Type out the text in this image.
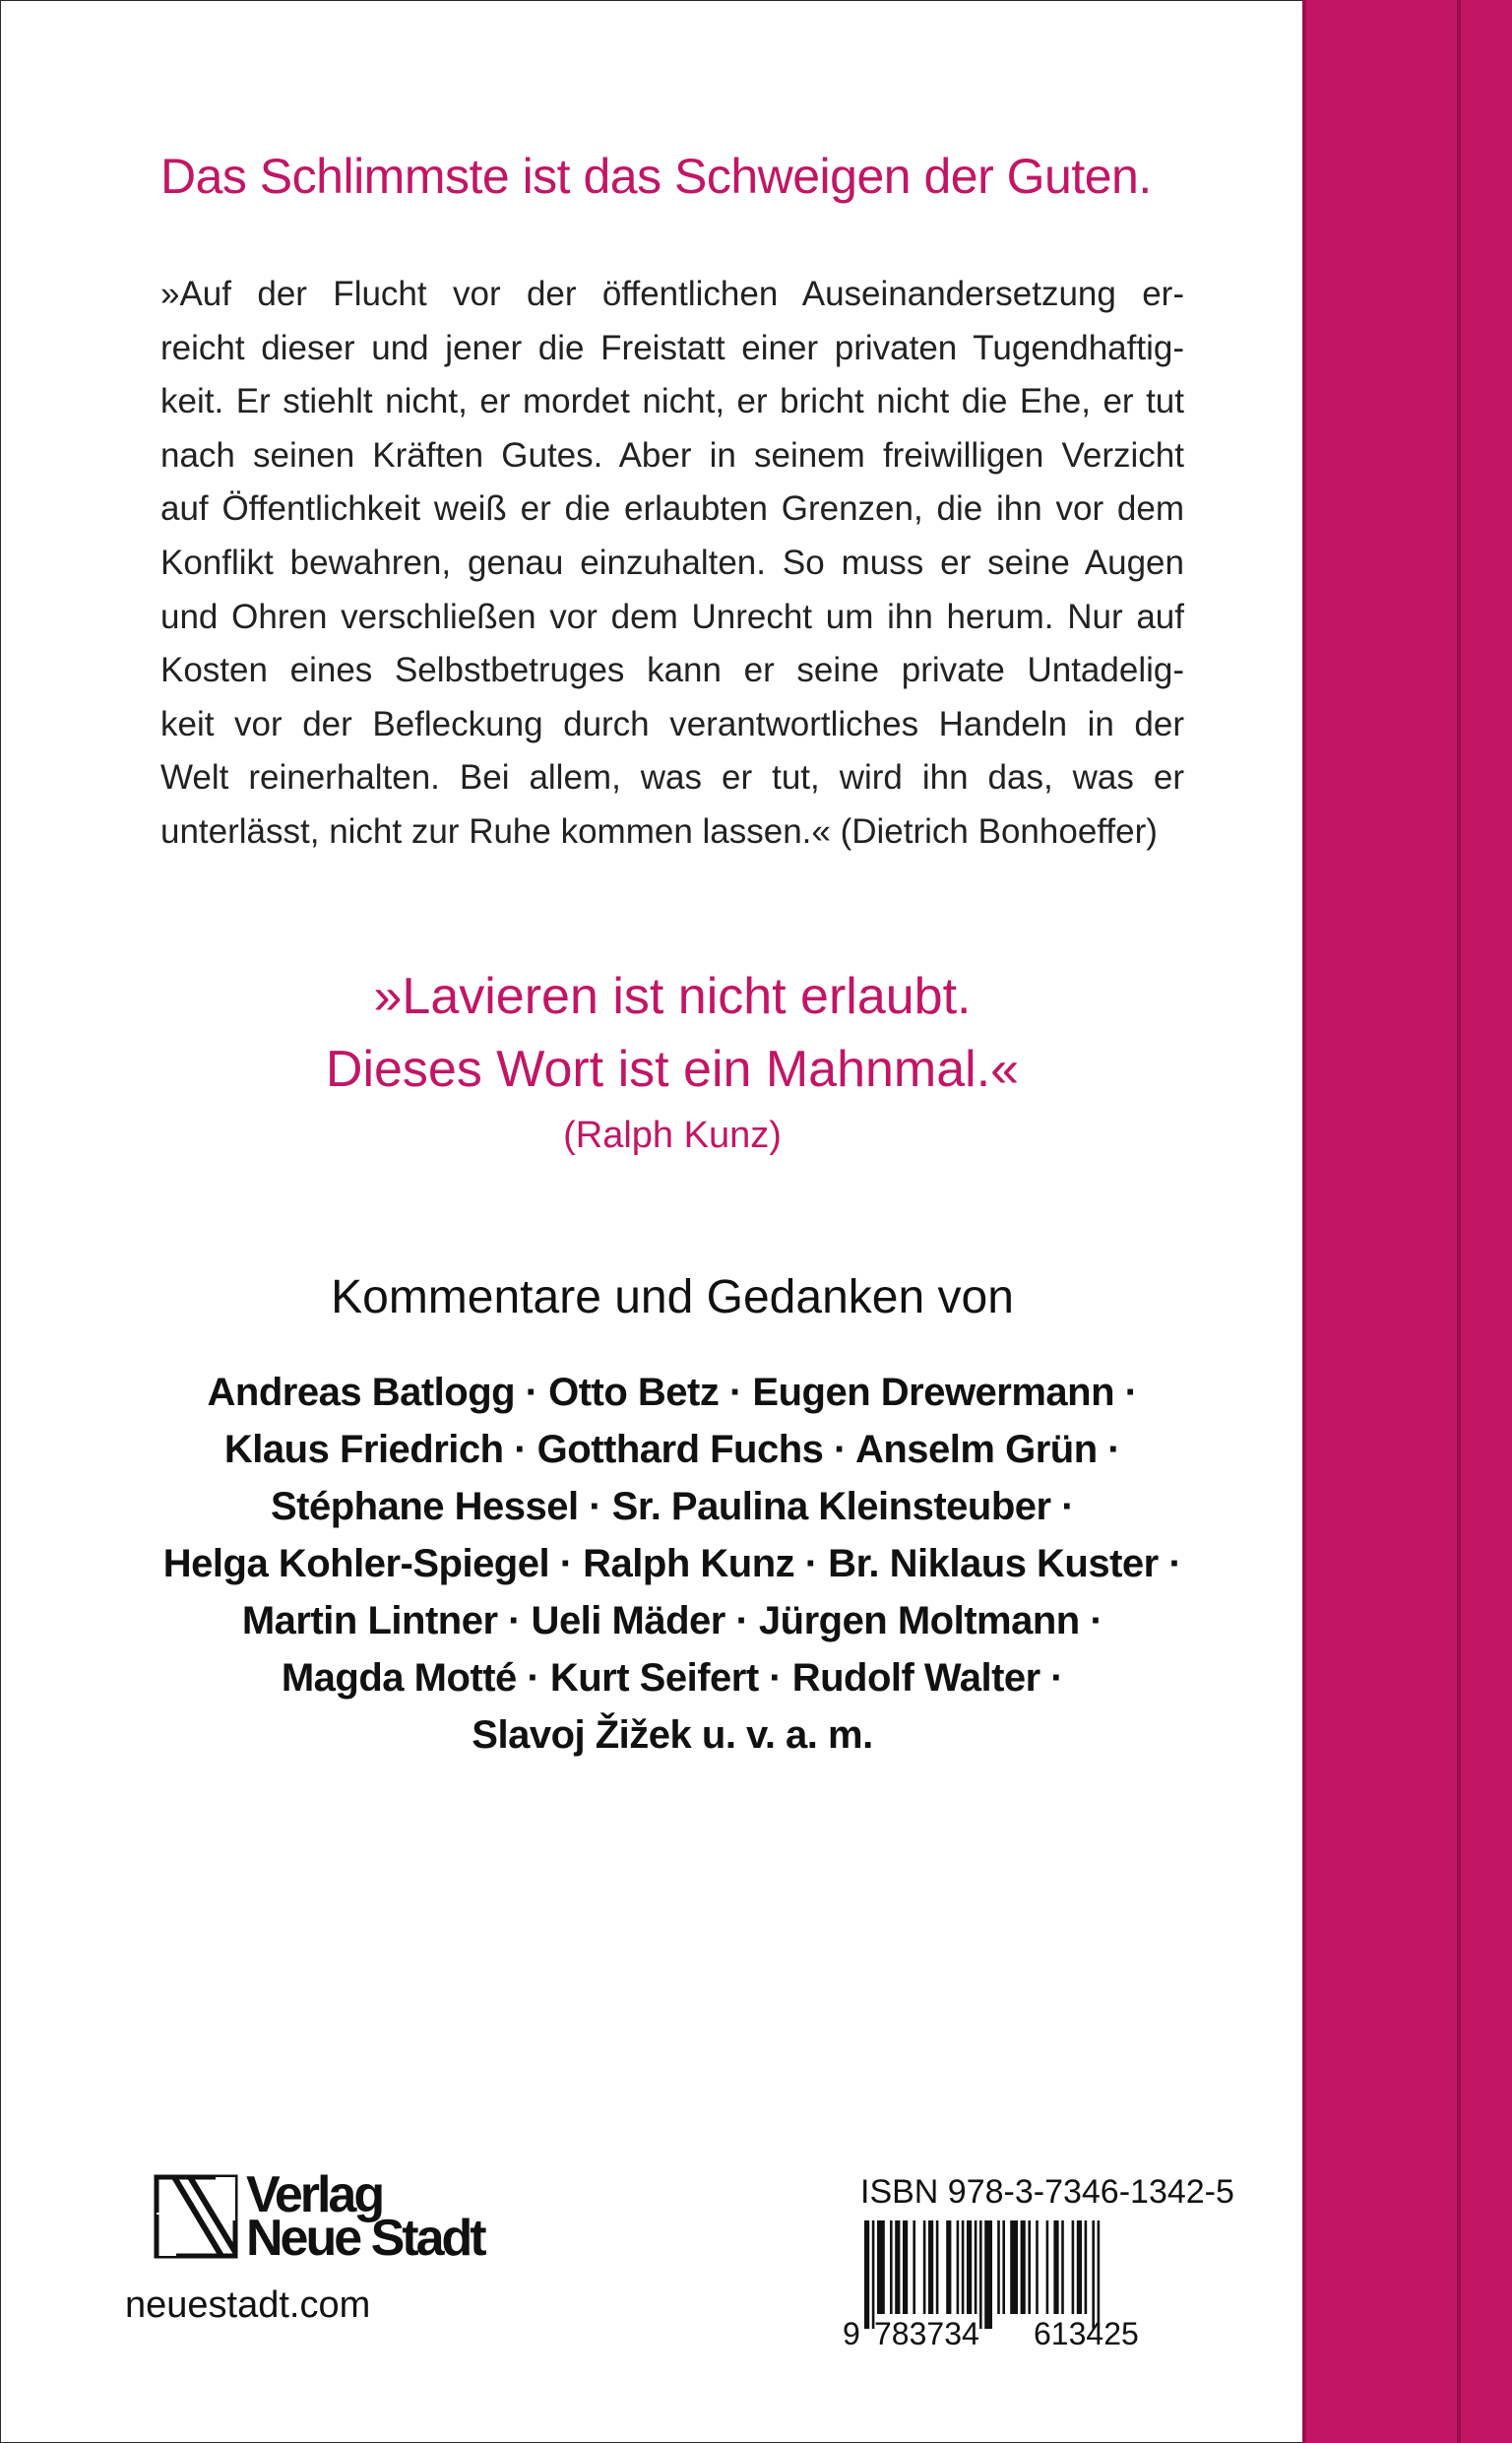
Das Schlimmste ist das Schweigen der Guten.
»Auf der Flucht vor der öffentlichen Auseinandersetzung er-
reicht dieser und jener die Freistatt einer privaten Tugendhaftig-
keit. Er stiehlt nicht, er mordet nicht, er bricht nicht die Ehe, er tut
nach seinen Kräften Gutes. Aber in seinem freiwilligen Verzicht
auf Öffentlichkeit weiß er die erlaubten Grenzen, die ihn vor dem
Konflikt bewahren, genau einzuhalten. So muss er seine Augen
und Ohren verschließen vor dem Unrecht um ihn herum. Nur auf
Kosten eines Selbstbetruges kann er seine private Untadelig-
keit vor der Befleckung durch verantwortliches Handeln in der
Welt reinerhalten. Bei allem, was er tut, wird ihn das, was er
unterlässt, nicht zur Ruhe kommen lassen.« (Dietrich Bonhoeffer)
»Lavieren ist nicht erlaubt.
Dieses Wort ist ein Mahnmal.«
(Ralph Kunz)
Kommentare und Gedanken von
Andreas Batlogg · Otto Betz · Eugen Drewermann ·
Klaus Friedrich · Gotthard Fuchs · Anselm Grün ·
Stéphane Hessel · Sr. Paulina Kleinsteuber ·
Helga Kohler-Spiegel · Ralph Kunz · Br. Niklaus Kuster ·
Martin Lintner · Ueli Mäder · Jürgen Moltmann ·
Magda Motté · Kurt Seifert · Rudolf Walter ·
Slavoj Žižek u. v. a. m.
Verlag
Neue Stadt
neuestadt.com
ISBN 978-3-7346-1342-5
9 783734 613425
